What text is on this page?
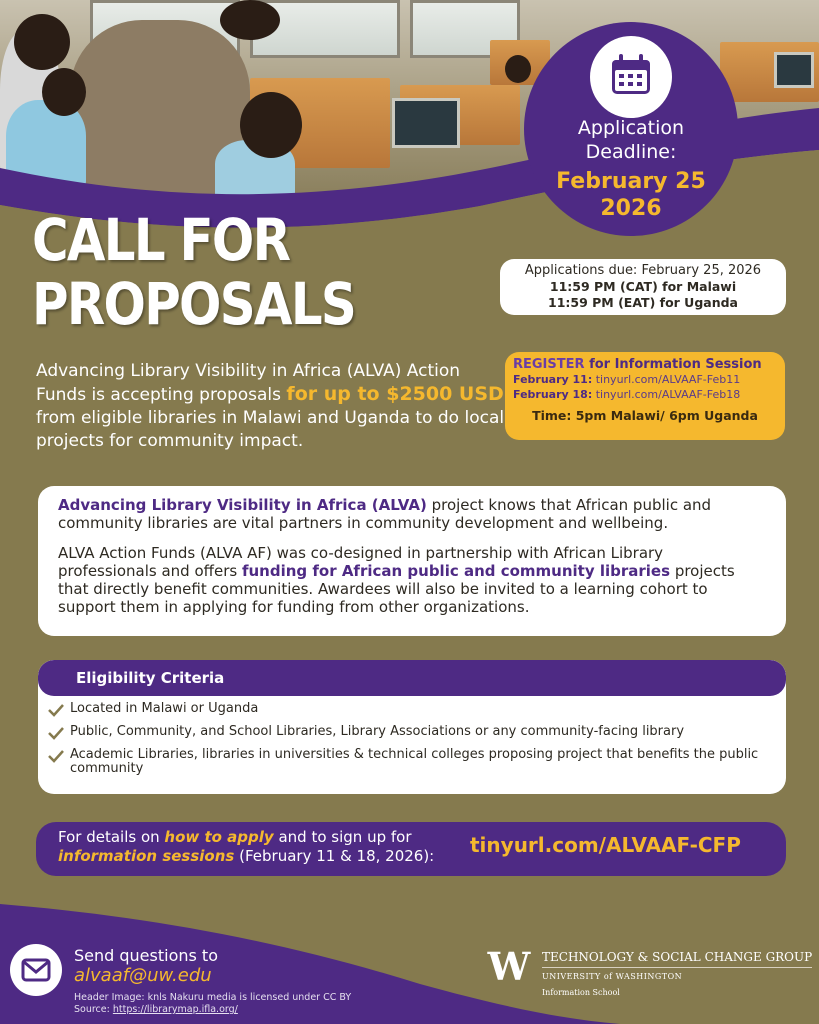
Application
Deadline:
February 25
2026
CALL FOR
PROPOSALS	Applications due: February 25, 2026
11:59 PM (CAT) for Malawi
11:59 PM (EAT) for Uganda
Advancing Library Visibility in Africa (ALVA) Action Funds is accepting proposals for up to $2500 USD from eligible libraries in Malawi and Uganda to do local projects for community impact.
REGISTER for Information Session
February 11: tinyurl.com/ALVAAF-Feb11
February 18: tinyurl.com/ALVAAF-Feb18
Time: 5pm Malawi/ 6pm Uganda

Advancing Library Visibility in Africa (ALVA) project knows that African public and community libraries are vital partners in community development and wellbeing.

ALVA Action Funds (ALVA AF) was co-designed in partnership with African Library professionals and offers funding for African public and community libraries projects that directly benefit communities. Awardees will also be invited to a learning cohort to support them in applying for funding from other organizations.

Eligibility Criteria
Located in Malawi or Uganda
Public, Community, and School Libraries, Library Associations or any community-facing library
Academic Libraries, libraries in universities & technical colleges proposing project that benefits the public community
For details on how to apply and to sign up for
information sessions (February 11 & 18, 2026):	tinyurl.com/ALVAAF-CFP
Send questions to
alvaaf@uw.edu
Header Image: knls Nakuru media is licensed under CC BY
Source: https://librarymap.ifla.org/
W TECHNOLOGY & SOCIAL CHANGE GROUP
UNIVERSITY of WASHINGTON
Information School
